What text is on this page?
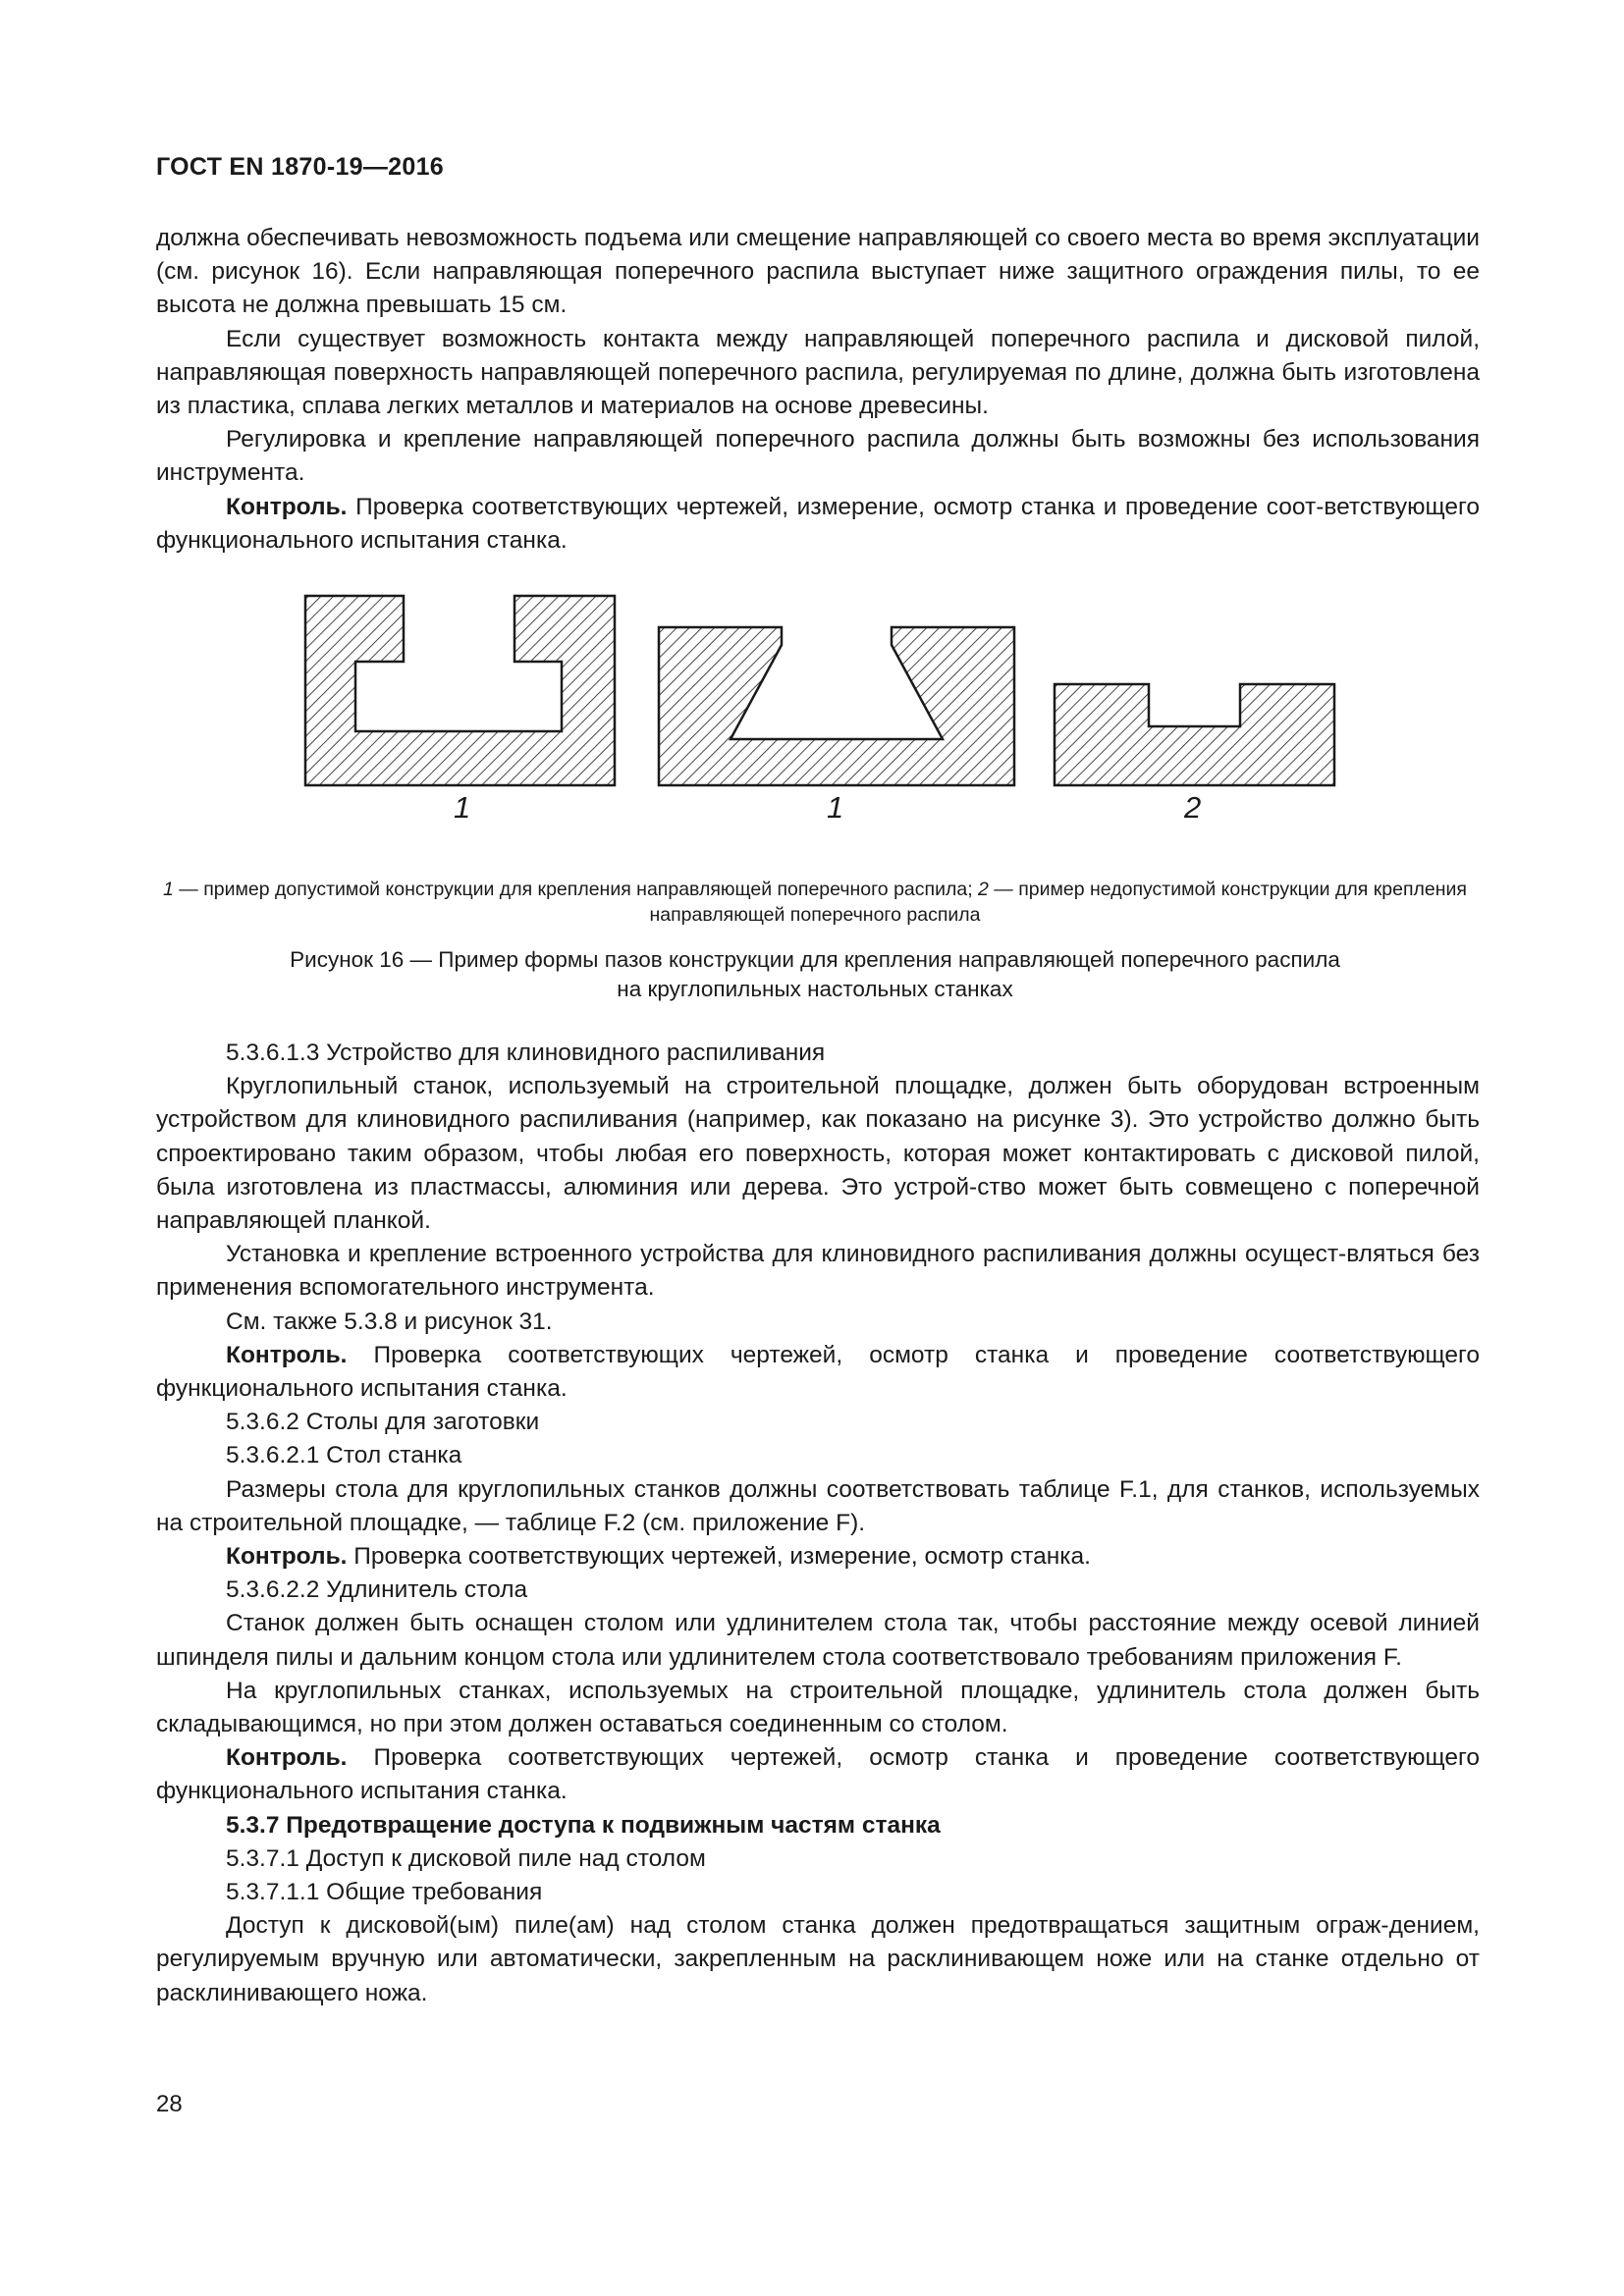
ГОСТ EN 1870-19—2016

должна обеспечивать невозможность подъема или смещение направляющей со своего места во время эксплуатации (см. рисунок 16). Если направляющая поперечного распила выступает ниже защитного ограждения пилы, то ее высота не должна превышать 15 см.

Если существует возможность контакта между направляющей поперечного распила и дисковой пилой, направляющая поверхность направляющей поперечного распила, регулируемая по длине, должна быть изготовлена из пластика, сплава легких металлов и материалов на основе древесины.

Регулировка и крепление направляющей поперечного распила должны быть возможны без использования инструмента.

Контроль. Проверка соответствующих чертежей, измерение, осмотр станка и проведение соот-ветствующего функционального испытания станка.

1	1	2
1 — пример допустимой конструкции для крепления направляющей поперечного распила; 2 — пример недопустимой конструкции для крепления направляющей поперечного распила
Рисунок 16 — Пример формы пазов конструкции для крепления направляющей поперечного распила
на круглопильных настольных станках

5.3.6.1.3 Устройство для клиновидного распиливания

Круглопильный станок, используемый на строительной площадке, должен быть оборудован встроенным устройством для клиновидного распиливания (например, как показано на рисунке 3). Это устройство должно быть спроектировано таким образом, чтобы любая его поверхность, которая может контактировать с дисковой пилой, была изготовлена из пластмассы, алюминия или дерева. Это устрой-ство может быть совмещено с поперечной направляющей планкой.

Установка и крепление встроенного устройства для клиновидного распиливания должны осущест-вляться без применения вспомогательного инструмента.

См. также 5.3.8 и рисунок 31.

Контроль. Проверка соответствующих чертежей, осмотр станка и проведение соответствующего функционального испытания станка.

5.3.6.2 Столы для заготовки

5.3.6.2.1 Стол станка

Размеры стола для круглопильных станков должны соответствовать таблице F.1, для станков, используемых на строительной площадке, — таблице F.2 (см. приложение F).

Контроль. Проверка соответствующих чертежей, измерение, осмотр станка.

5.3.6.2.2 Удлинитель стола

Станок должен быть оснащен столом или удлинителем стола так, чтобы расстояние между осевой линией шпинделя пилы и дальним концом стола или удлинителем стола соответствовало требованиям приложения F.

На круглопильных станках, используемых на строительной площадке, удлинитель стола должен быть складывающимся, но при этом должен оставаться соединенным со столом.

Контроль. Проверка соответствующих чертежей, осмотр станка и проведение соответствующего функционального испытания станка.

5.3.7 Предотвращение доступа к подвижным частям станка

5.3.7.1 Доступ к дисковой пиле над столом

5.3.7.1.1 Общие требования

Доступ к дисковой(ым) пиле(ам) над столом станка должен предотвращаться защитным ограж-дением, регулируемым вручную или автоматически, закрепленным на расклинивающем ноже или на станке отдельно от расклинивающего ножа.

28
